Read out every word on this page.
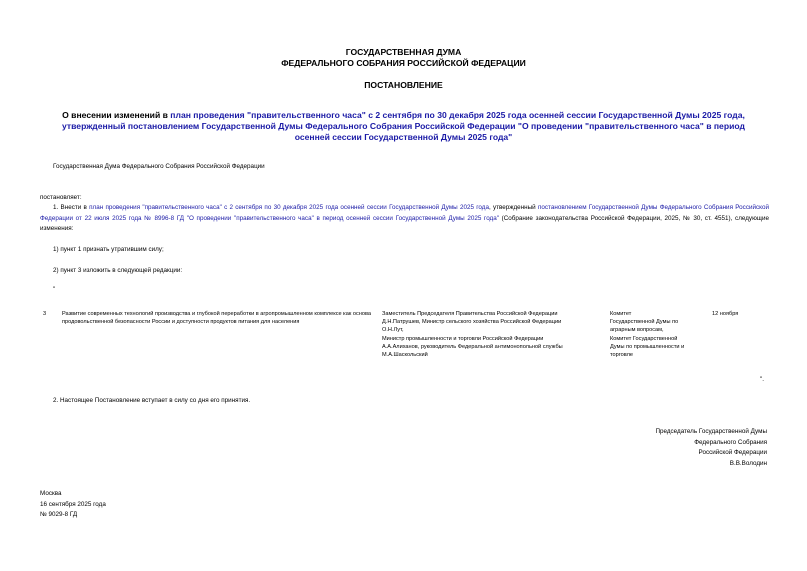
ГОСУДАРСТВЕННАЯ ДУМА
ФЕДЕРАЛЬНОГО СОБРАНИЯ РОССИЙСКОЙ ФЕДЕРАЦИИ
ПОСТАНОВЛЕНИЕ
О внесении изменений в план проведения "правительственного часа" с 2 сентября по 30 декабря 2025 года осенней сессии Государственной Думы 2025 года, утвержденный постановлением Государственной Думы Федерального Собрания Российской Федерации "О проведении "правительственного часа" в период осенней сессии Государственной Думы 2025 года"
Государственная Дума Федерального Собрания Российской Федерации
постановляет:
1. Внести в план проведения "правительственного часа" с 2 сентября по 30 декабря 2025 года осенней сессии Государственной Думы 2025 года, утвержденный постановлением Государственной Думы Федерального Собрания Российской Федерации от 22 июля 2025 года № 8996-8 ГД "О проведении "правительственного часа" в период осенней сессии Государственной Думы 2025 года" (Собрание законодательства Российской Федерации, 2025, № 30, ст. 4551), следующие изменения:
1) пункт 1 признать утратившим силу;
2) пункт 3 изложить в следующей редакции:
"
3	Развитие современных технологий производства и глубокой переработки в агропромышленном комплексе как основа продовольственной безопасности России и доступности продуктов питания для населения
Заместитель Председателя Правительства Российской Федерации
Д.Н.Патрушев, Министр сельского хозяйства Российской Федерации
О.Н.Лут,
Министр промышленности и торговли Российской Федерации
А.А.Алиханов, руководитель Федеральной антимонопольной службы
М.А.Шаскольский
Комитет
Государственной Думы по
аграрным вопросам,
Комитет Государственной
Думы по промышленности и
торговле
12 ноября
".
2. Настоящее Постановление вступает в силу со дня его принятия.
Председатель Государственной Думы
Федерального Собрания
Российской Федерации
В.В.Володин
Москва
16 сентября 2025 года
№ 9029-8 ГД
